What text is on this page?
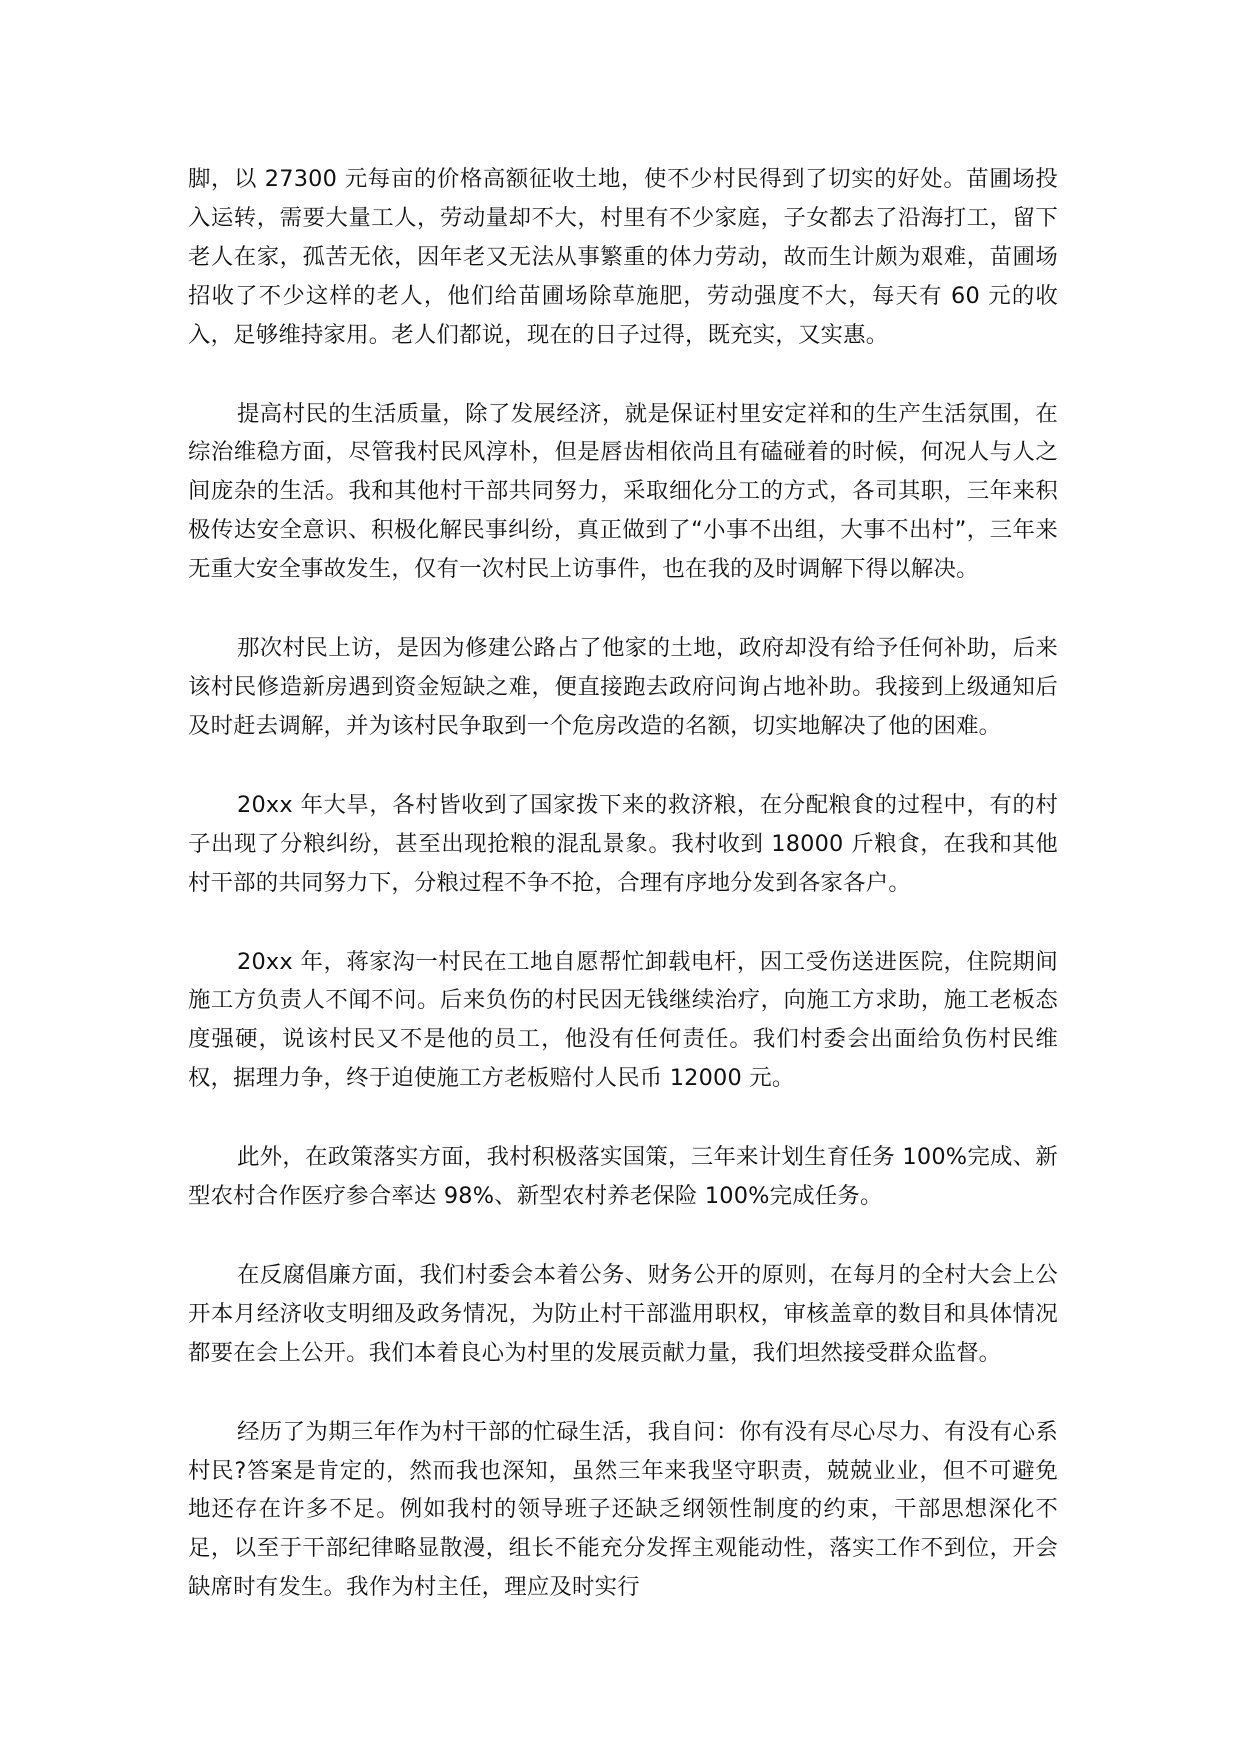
脚，以 27300 元每亩的价格高额征收土地，使不少村民得到了切实的好处。苗圃场投入运转，需要大量工人，劳动量却不大，村里有不少家庭，子女都去了沿海打工，留下老人在家，孤苦无依，因年老又无法从事繁重的体力劳动，故而生计颇为艰难，苗圃场招收了不少这样的老人，他们给苗圃场除草施肥，劳动强度不大，每天有 60 元的收入，足够维持家用。老人们都说，现在的日子过得，既充实，又实惠。

提高村民的生活质量，除了发展经济，就是保证村里安定祥和的生产生活氛围，在综治维稳方面，尽管我村民风淳朴，但是唇齿相依尚且有磕碰着的时候，何况人与人之间庞杂的生活。我和其他村干部共同努力，采取细化分工的方式，各司其职，三年来积极传达安全意识、积极化解民事纠纷，真正做到了“小事不出组，大事不出村”，三年来无重大安全事故发生，仅有一次村民上访事件，也在我的及时调解下得以解决。

那次村民上访，是因为修建公路占了他家的土地，政府却没有给予任何补助，后来该村民修造新房遇到资金短缺之难，便直接跑去政府问询占地补助。我接到上级通知后及时赶去调解，并为该村民争取到一个危房改造的名额，切实地解决了他的困难。

20xx 年大旱，各村皆收到了国家拨下来的救济粮，在分配粮食的过程中，有的村子出现了分粮纠纷，甚至出现抢粮的混乱景象。我村收到 18000 斤粮食，在我和其他村干部的共同努力下，分粮过程不争不抢，合理有序地分发到各家各户。

20xx 年，蒋家沟一村民在工地自愿帮忙卸载电杆，因工受伤送进医院，住院期间施工方负责人不闻不问。后来负伤的村民因无钱继续治疗，向施工方求助，施工老板态度强硬，说该村民又不是他的员工，他没有任何责任。我们村委会出面给负伤村民维权，据理力争，终于迫使施工方老板赔付人民币 12000 元。

此外，在政策落实方面，我村积极落实国策，三年来计划生育任务 100%完成、新型农村合作医疗参合率达 98%、新型农村养老保险 100%完成任务。

在反腐倡廉方面，我们村委会本着公务、财务公开的原则，在每月的全村大会上公开本月经济收支明细及政务情况，为防止村干部滥用职权，审核盖章的数目和具体情况都要在会上公开。我们本着良心为村里的发展贡献力量，我们坦然接受群众监督。

经历了为期三年作为村干部的忙碌生活，我自问：你有没有尽心尽力、有没有心系村民?答案是肯定的，然而我也深知，虽然三年来我坚守职责，兢兢业业，但不可避免地还存在许多不足。例如我村的领导班子还缺乏纲领性制度的约束，干部思想深化不足，以至于干部纪律略显散漫，组长不能充分发挥主观能动性，落实工作不到位，开会缺席时有发生。我作为村主任，理应及时实行
